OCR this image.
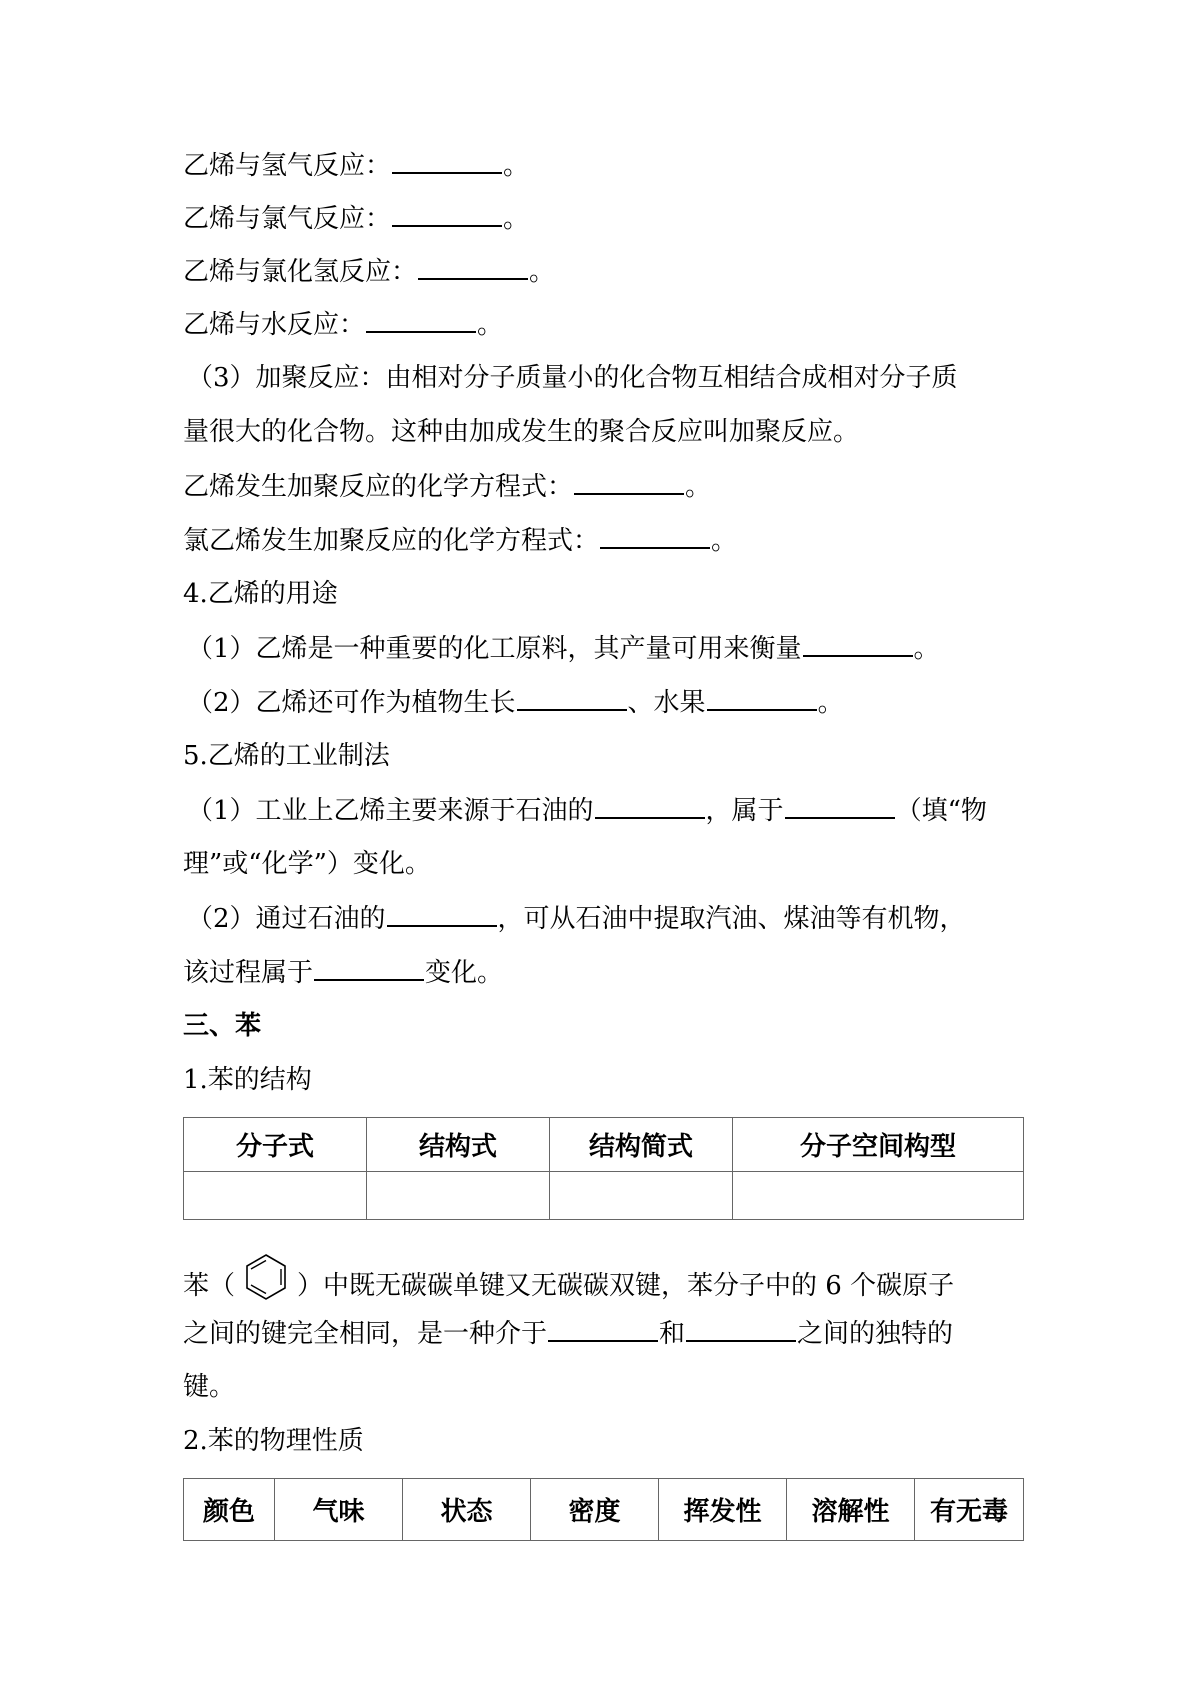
乙烯与氢气反应：	。
乙烯与氯气反应：	。
乙烯与氯化氢反应：	。
乙烯与水反应：	。
（3）加聚反应：由相对分子质量小的化合物互相结合成相对分子质
量很大的化合物。这种由加成发生的聚合反应叫加聚反应。
乙烯发生加聚反应的化学方程式：	。
氯乙烯发生加聚反应的化学方程式：	。
4.乙烯的用途
（1）乙烯是一种重要的化工原料，其产量可用来衡量	。
（2）乙烯还可作为植物生长	、水果	。
5.乙烯的工业制法
（1）工业上乙烯主要来源于石油的	，属于	（填“物
理”或“化学”）变化。
（2）通过石油的	，可从石油中提取汽油、煤油等有机物，
该过程属于	变化。
三、苯
1.苯的结构
分子式	结构式	结构简式	分子空间构型

苯（ ）中既无碳碳单键又无碳碳双键，苯分子中的 6 个碳原子
之间的键完全相同，是一种介于	和	之间的独特的
键。
2.苯的物理性质
颜色	气味	状态	密度	挥发性	溶解性	有无毒
